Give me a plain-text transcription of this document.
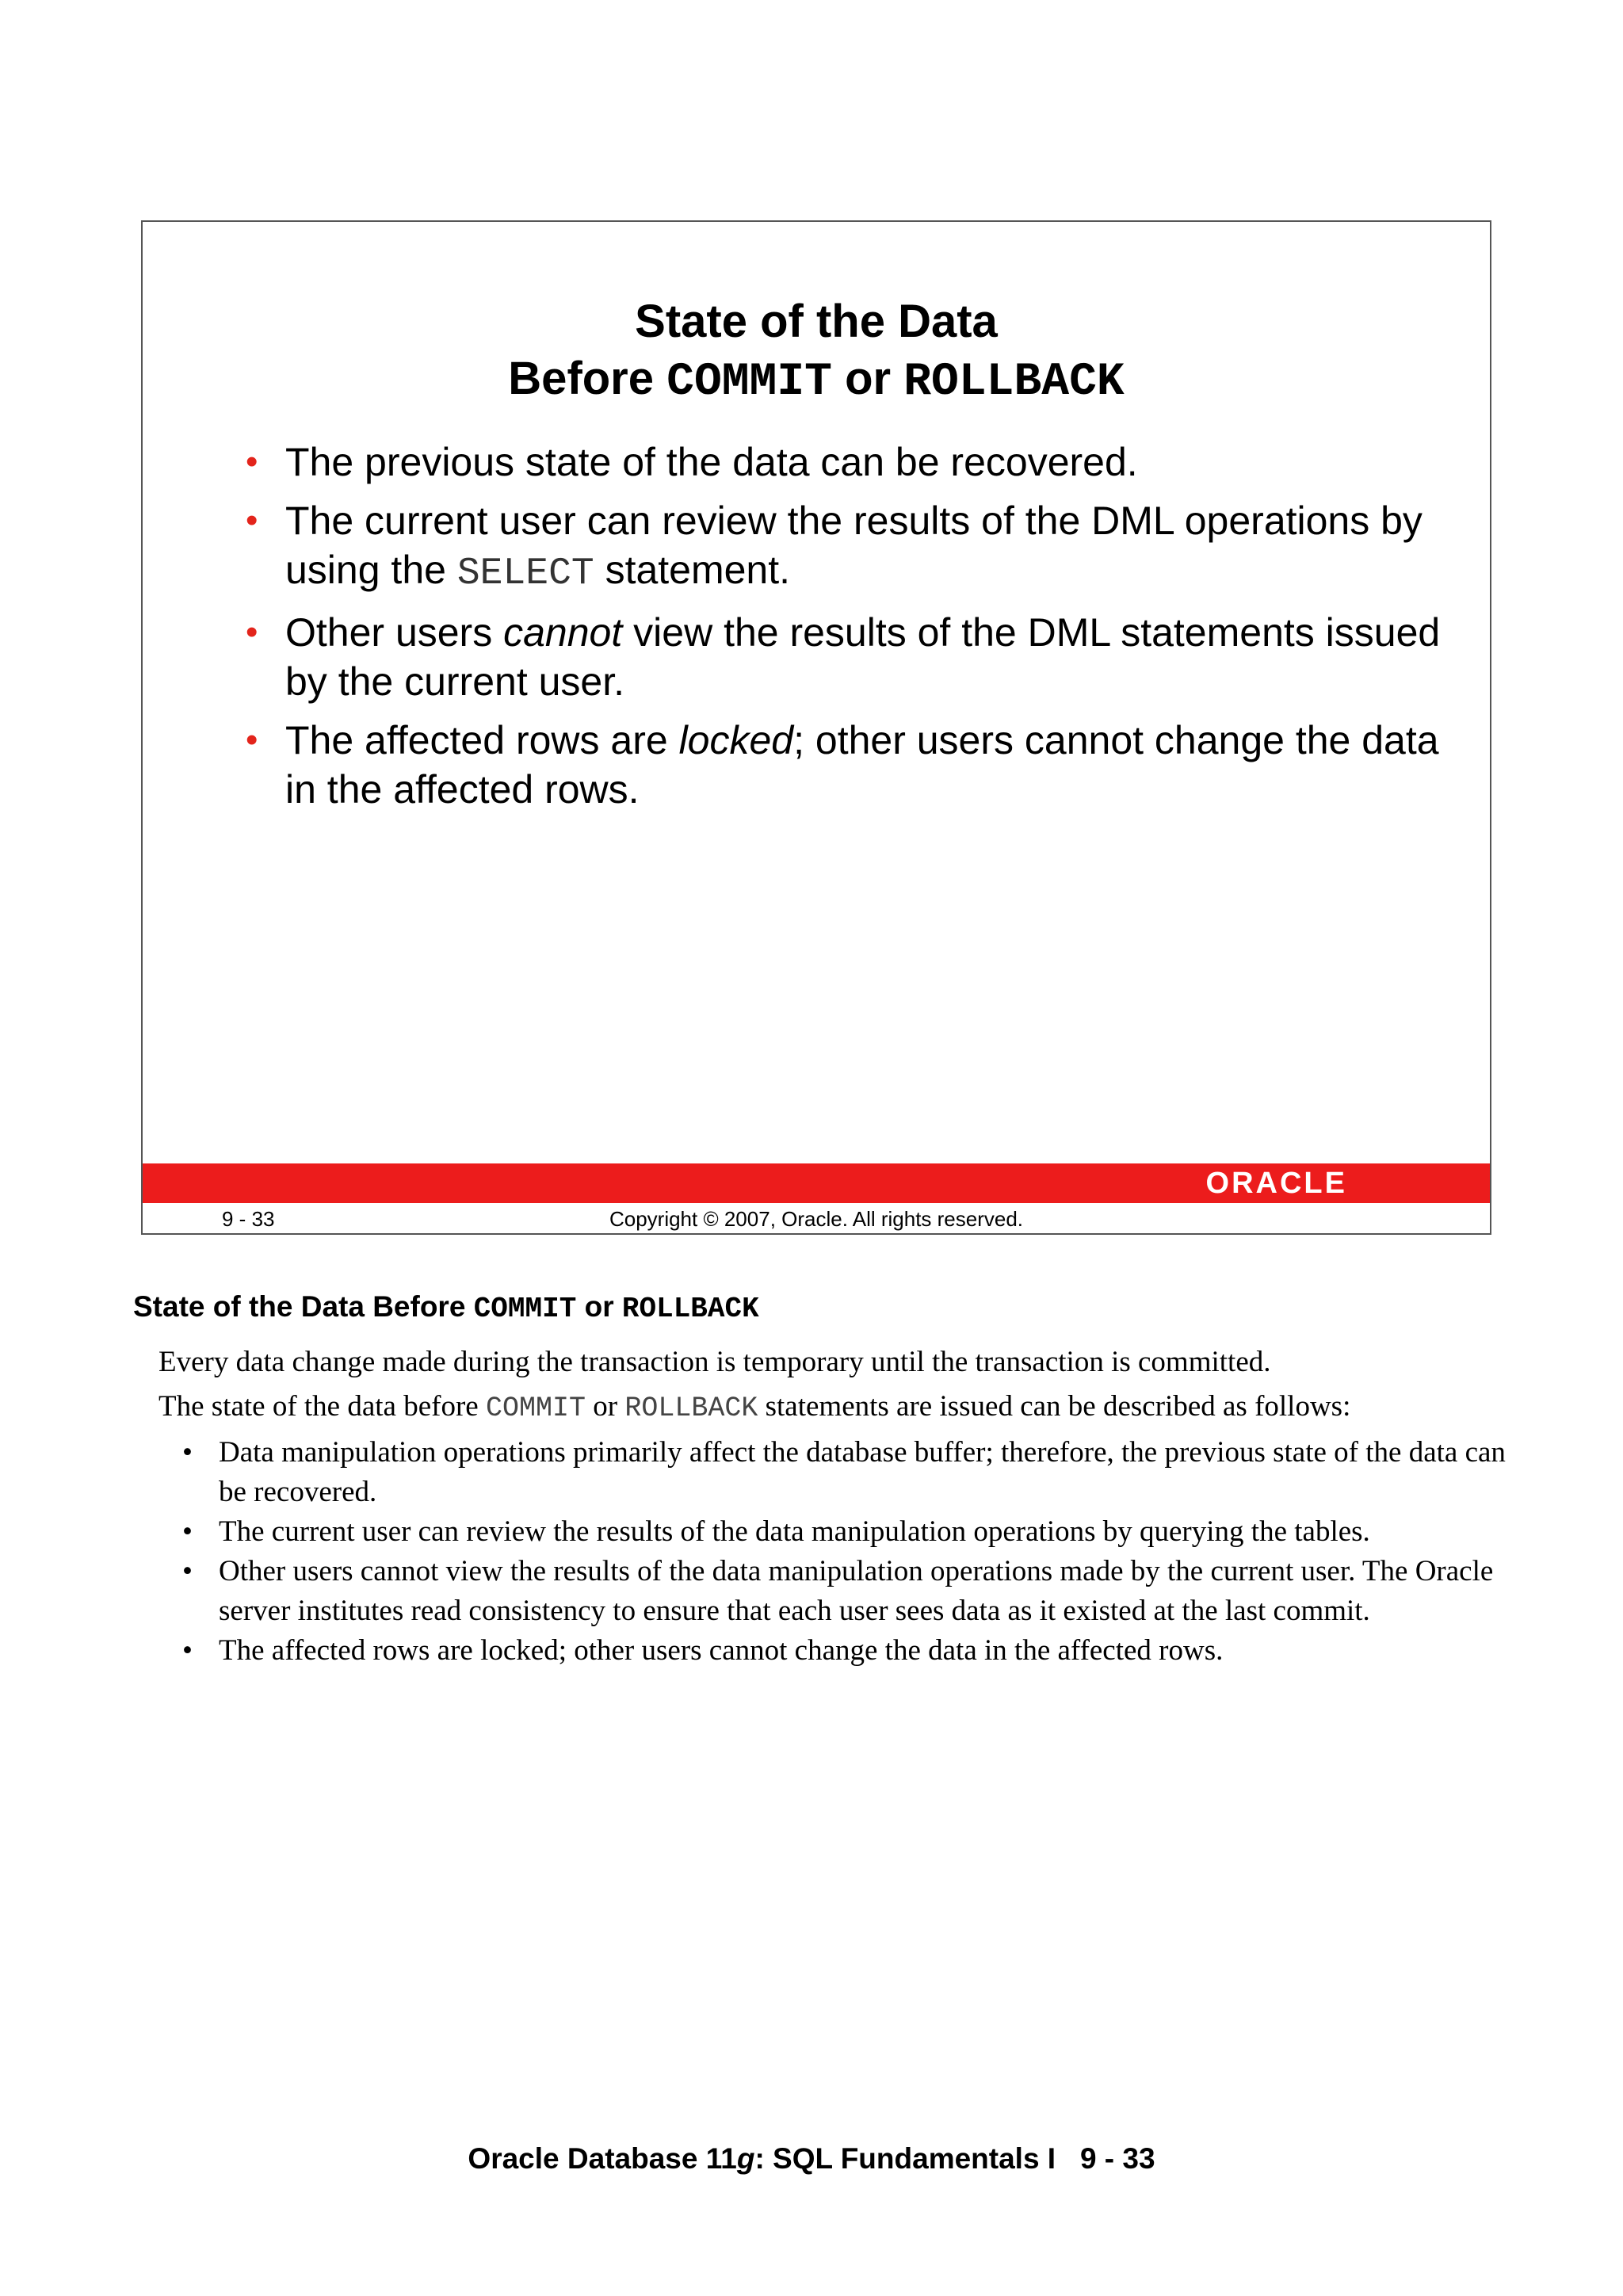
State of the Data
Before COMMIT or ROLLBACK
• The previous state of the data can be recovered.
• The current user can review the results of the DML operations by using the SELECT statement.
• Other users cannot view the results of the DML statements issued by the current user.
• The affected rows are locked; other users cannot change the data in the affected rows.
ORACLE
9 - 33	Copyright © 2007, Oracle. All rights reserved.
State of the Data Before COMMIT or ROLLBACK

Every data change made during the transaction is temporary until the transaction is committed.

The state of the data before COMMIT or ROLLBACK statements are issued can be described as follows:

• Data manipulation operations primarily affect the database buffer; therefore, the previous state of the data can be recovered.
• The current user can review the results of the data manipulation operations by querying the tables.
• Other users cannot view the results of the data manipulation operations made by the current user. The Oracle server institutes read consistency to ensure that each user sees data as it existed at the last commit.
• The affected rows are locked; other users cannot change the data in the affected rows.
Oracle Database 11g: SQL Fundamentals I 9 - 33
